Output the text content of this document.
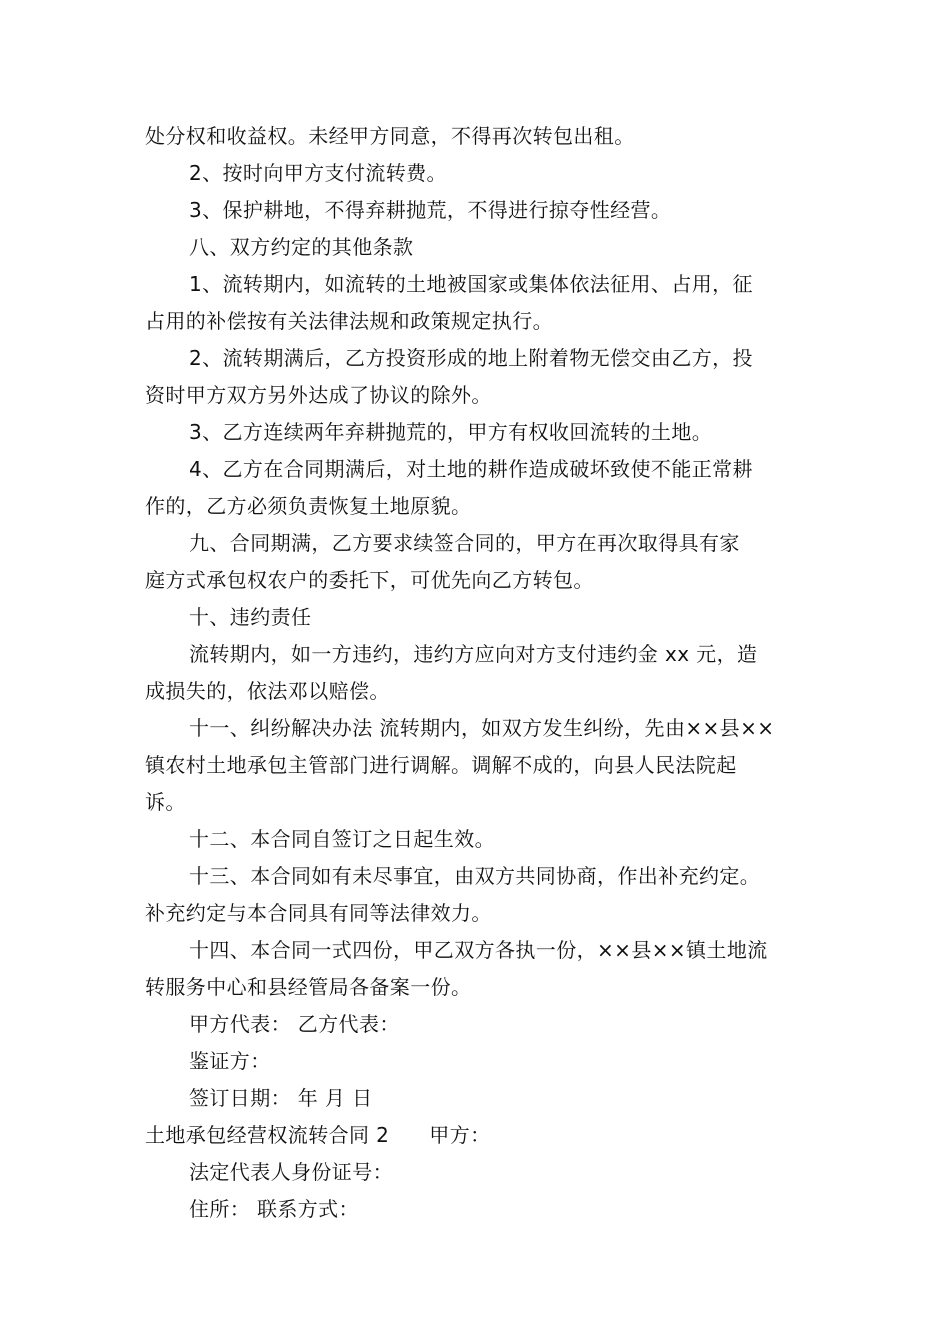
处分权和收益权。未经甲方同意，不得再次转包出租。
2、按时向甲方支付流转费。
3、保护耕地，不得弃耕抛荒，不得进行掠夺性经营。
八、双方约定的其他条款
1、流转期内，如流转的土地被国家或集体依法征用、占用，征
占用的补偿按有关法律法规和政策规定执行。
2、流转期满后，乙方投资形成的地上附着物无偿交由乙方，投
资时甲方双方另外达成了协议的除外。
3、乙方连续两年弃耕抛荒的，甲方有权收回流转的土地。
4、乙方在合同期满后，对土地的耕作造成破坏致使不能正常耕
作的，乙方必须负责恢复土地原貌。
九、合同期满，乙方要求续签合同的，甲方在再次取得具有家
庭方式承包权农户的委托下，可优先向乙方转包。
十、违约责任
流转期内，如一方违约，违约方应向对方支付违约金 xx 元，造
成损失的，依法邓以赔偿。
十一、纠纷解决办法 流转期内，如双方发生纠纷，先由××县××
镇农村土地承包主管部门进行调解。调解不成的，向县人民法院起
诉。
十二、本合同自签订之日起生效。
十三、本合同如有未尽事宜，由双方共同协商，作出补充约定。
补充约定与本合同具有同等法律效力。
十四、本合同一式四份，甲乙双方各执一份，××县××镇土地流
转服务中心和县经管局各备案一份。
甲方代表： 乙方代表：
鉴证方：
签订日期： 年 月 日
土地承包经营权流转合同 2 甲方：
法定代表人身份证号：
住所： 联系方式：
